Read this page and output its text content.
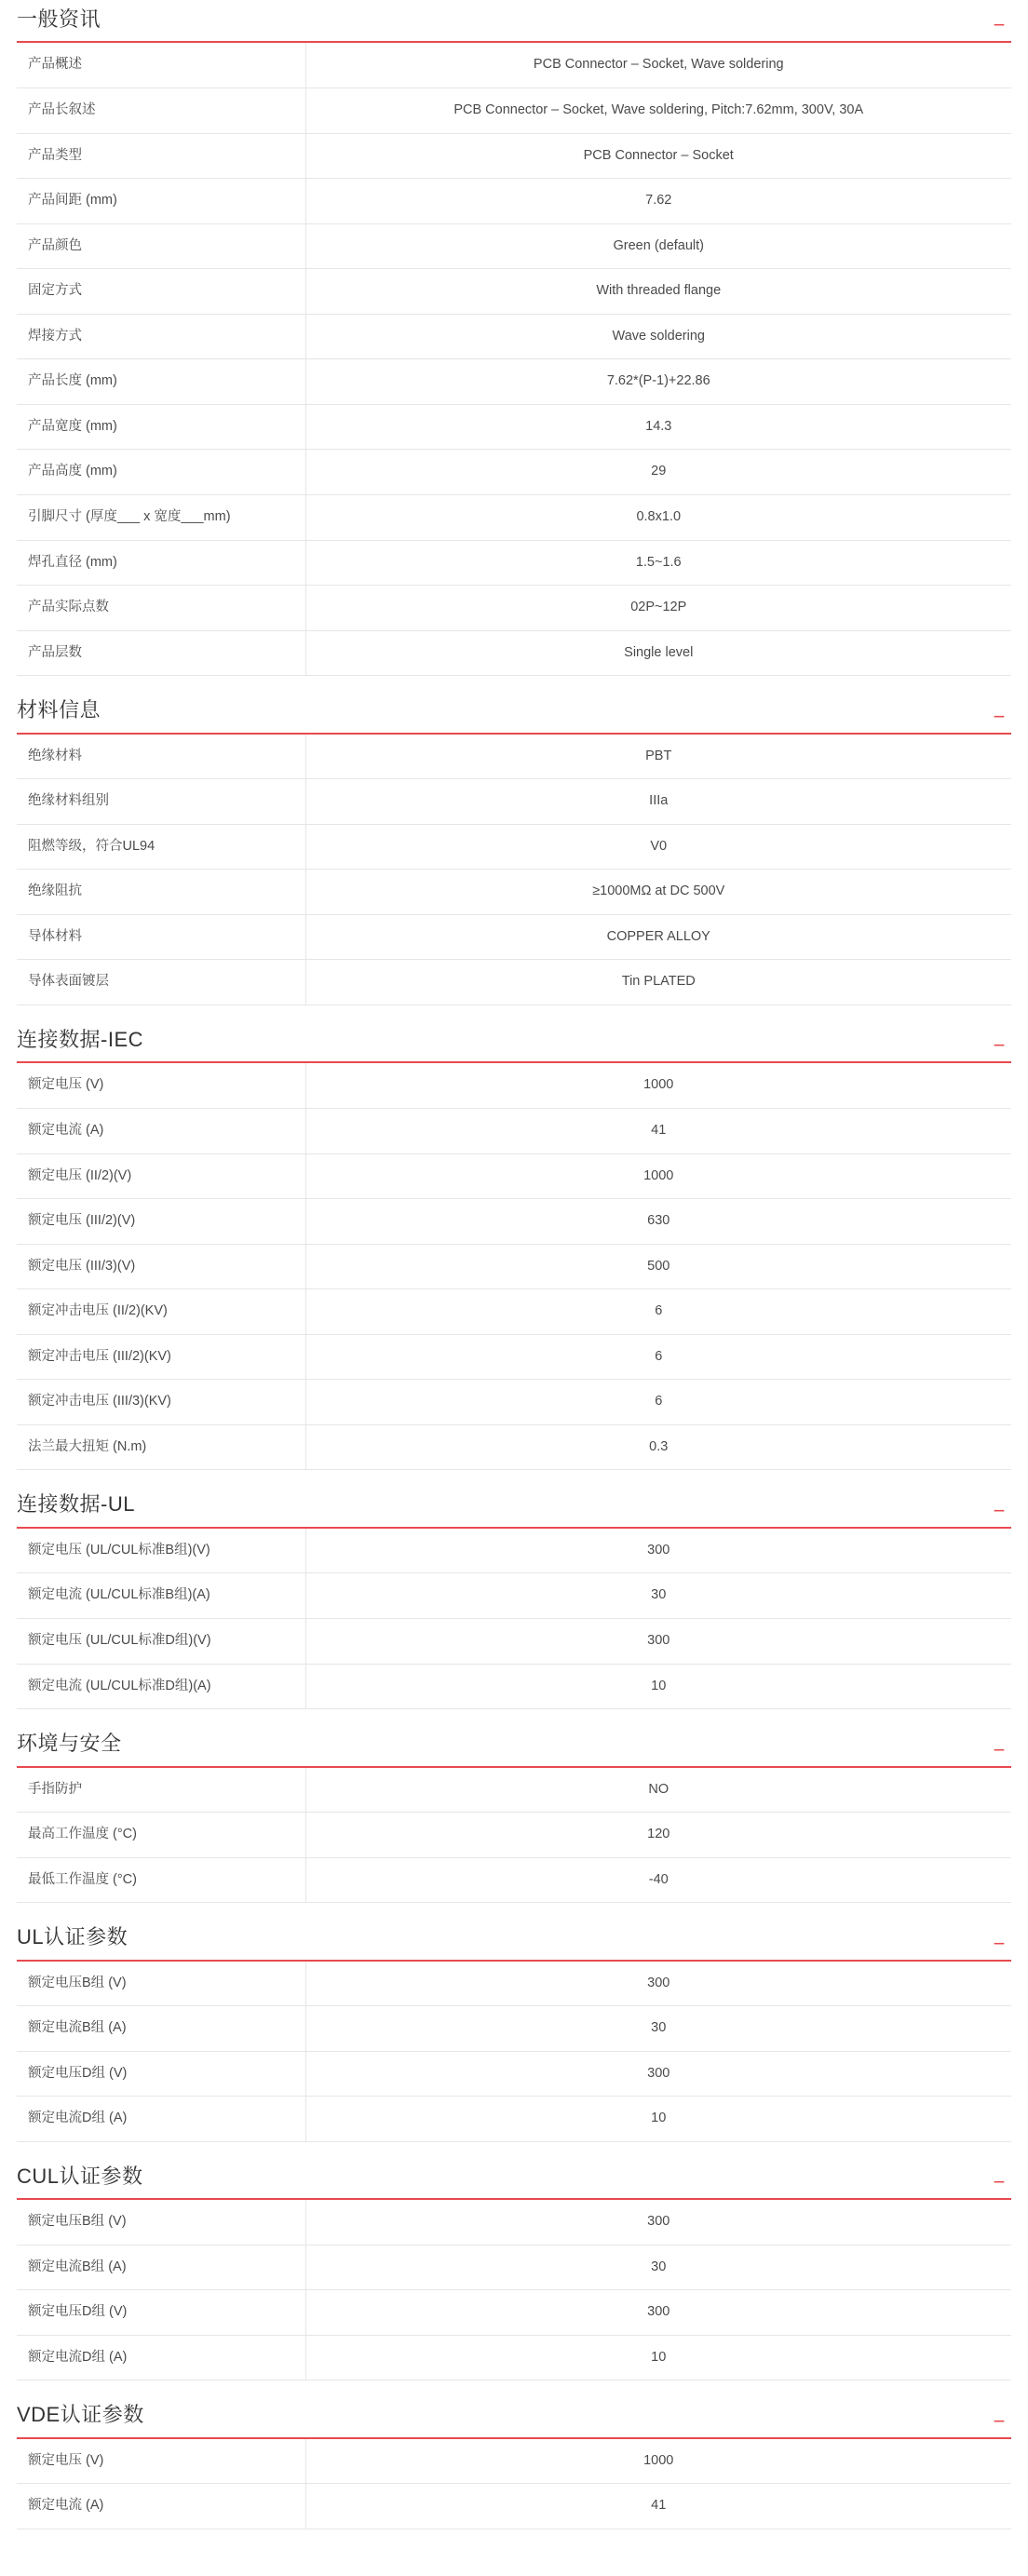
一般资讯	−
产品概述	PCB Connector – Socket, Wave soldering
产品长叙述	PCB Connector – Socket, Wave soldering, Pitch:7.62mm, 300V, 30A
产品类型	PCB Connector – Socket
产品间距 (mm)	7.62
产品颜色	Green (default)
固定方式	With threaded flange
焊接方式	Wave soldering
产品长度 (mm)	7.62*(P-1)+22.86
产品宽度 (mm)	14.3
产品高度 (mm)	29
引脚尺寸 (厚度___ x 宽度___mm)	0.8x1.0
焊孔直径 (mm)	1.5~1.6
产品实际点数	02P~12P
产品层数	Single level
材料信息	−
绝缘材料	PBT
绝缘材料组别	IIIa
阻燃等级，符合UL94	V0
绝缘阻抗	≥1000MΩ at DC 500V
导体材料	COPPER ALLOY
导体表面镀层	Tin PLATED
连接数据-IEC	−
额定电压 (V)	1000
额定电流 (A)	41
额定电压 (II/2)(V)	1000
额定电压 (III/2)(V)	630
额定电压 (III/3)(V)	500
额定冲击电压 (II/2)(KV)	6
额定冲击电压 (III/2)(KV)	6
额定冲击电压 (III/3)(KV)	6
法兰最大扭矩 (N.m)	0.3
连接数据-UL	−
额定电压 (UL/CUL标准B组)(V)	300
额定电流 (UL/CUL标准B组)(A)	30
额定电压 (UL/CUL标准D组)(V)	300
额定电流 (UL/CUL标准D组)(A)	10
环境与安全	−
手指防护	NO
最高工作温度 (°C)	120
最低工作温度 (°C)	-40
UL认证参数	−
额定电压B组 (V)	300
额定电流B组 (A)	30
额定电压D组 (V)	300
额定电流D组 (A)	10
CUL认证参数	−
额定电压B组 (V)	300
额定电流B组 (A)	30
额定电压D组 (V)	300
额定电流D组 (A)	10
VDE认证参数	−
额定电压 (V)	1000
额定电流 (A)	41
